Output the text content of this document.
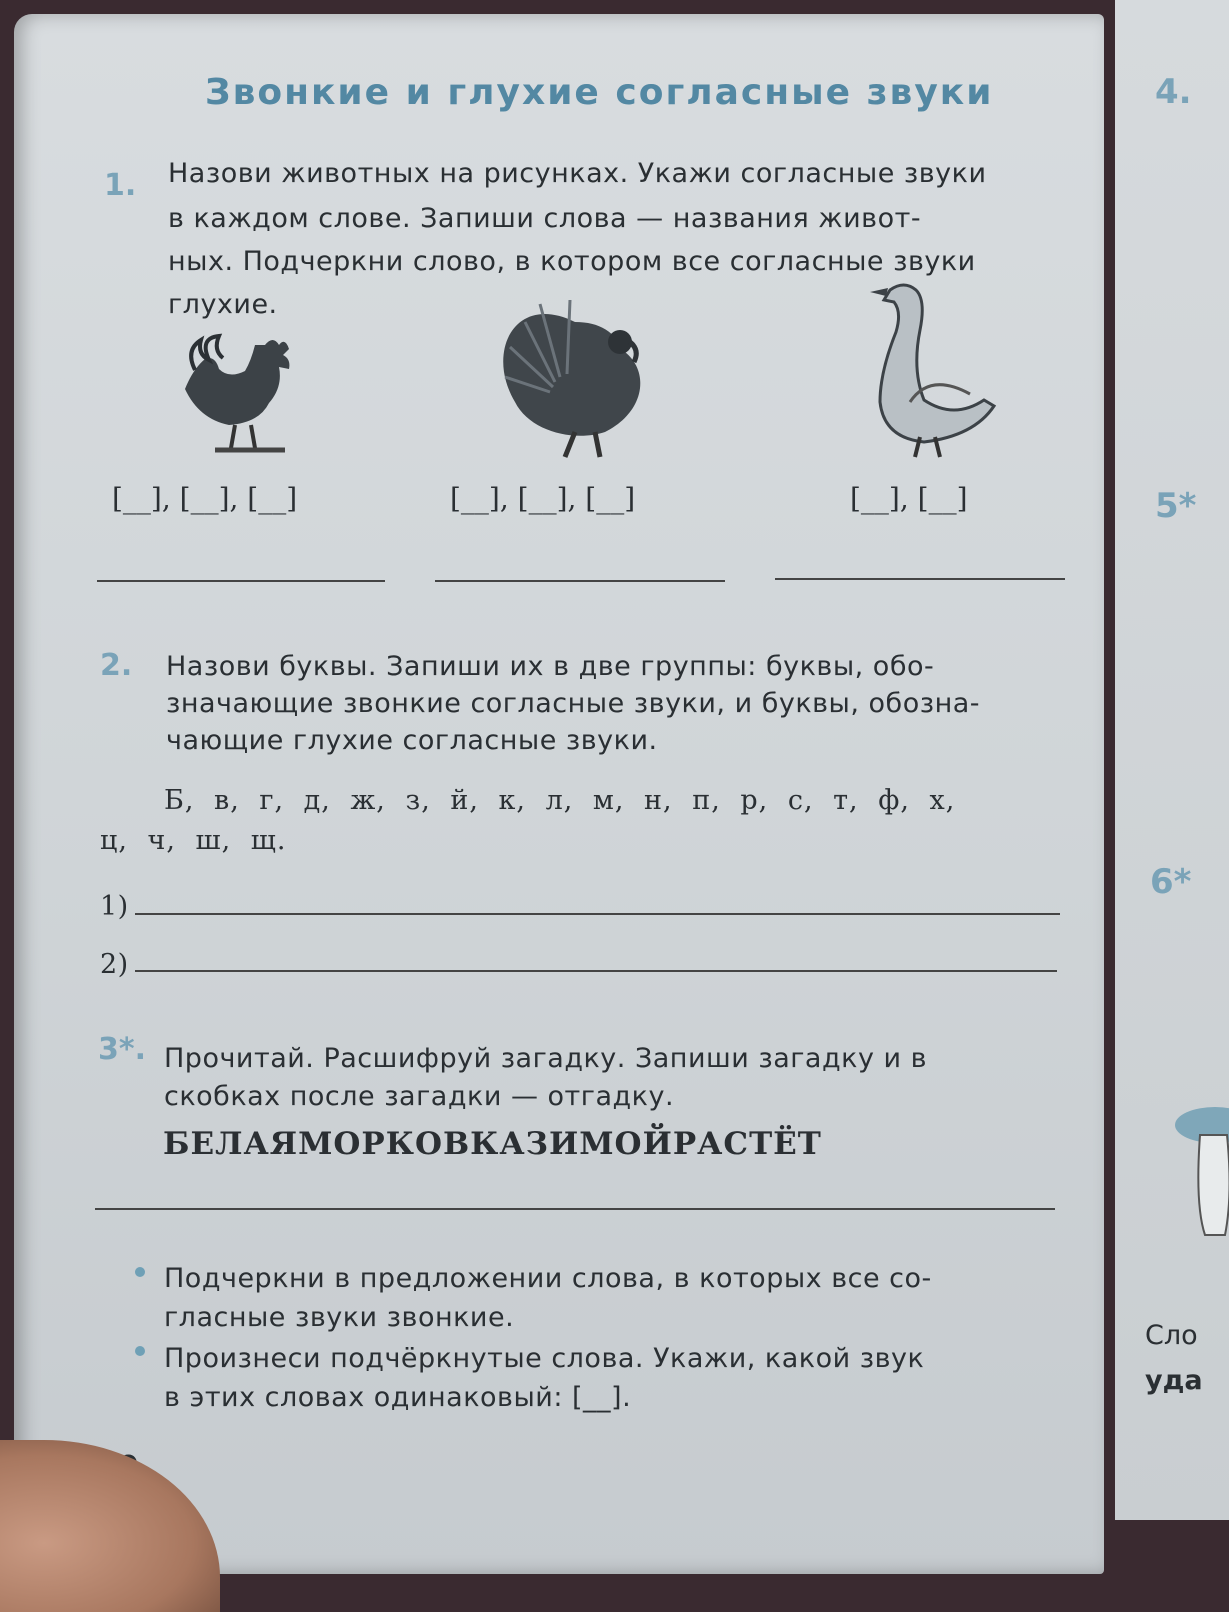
4.
5*
6*
Сло
уда
Звонкие и глухие согласные звуки
1. Назови животных на рисунках. Укажи согласные звуки
в каждом слове. Запиши слова — названия живот-
ных. Подчеркни слово, в котором все согласные звуки
глухие.
[__], [__], [__]	[__], [__], [__]	[__], [__]
2. Назови буквы. Запиши их в две группы: буквы, обо-
значающие звонкие согласные звуки, и буквы, обозна-
чающие глухие согласные звуки.
Б, в, г, д, ж, з, й, к, л, м, н, п, р, с, т, ф, х,
ц, ч, ш, щ.
1)
2)
3*. Прочитай. Расшифруй загадку. Запиши загадку и в
скобках после загадки — отгадку.
БЕЛАЯМОРКОВКАЗИМОЙРАСТЁТ
Подчеркни в предложении слова, в которых все со-
гласные звуки звонкие.
Произнеси подчёркнутые слова. Укажи, какой звук
в этих словах одинаковый: [__].
